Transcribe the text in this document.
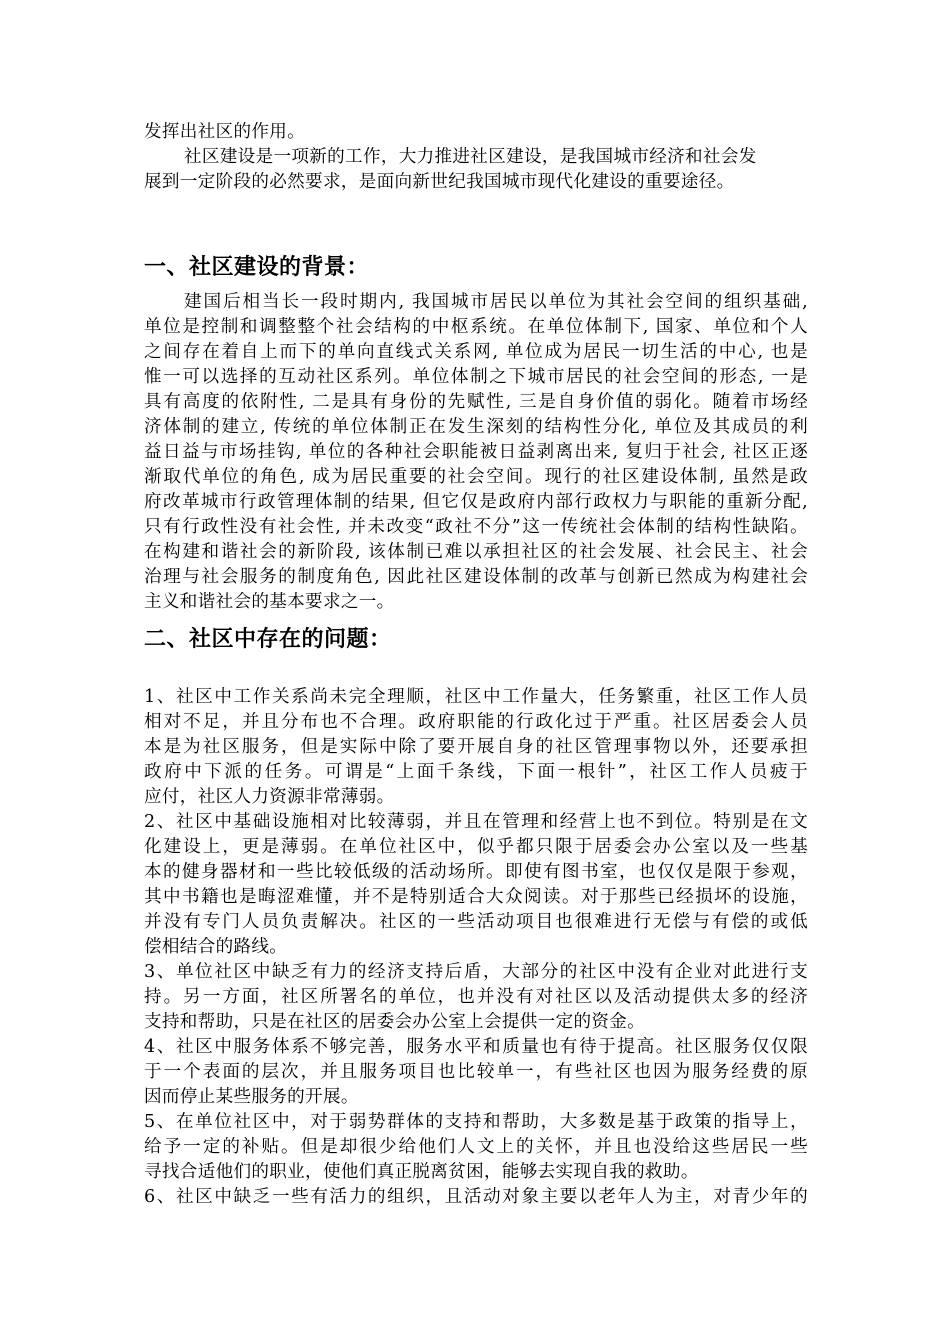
发挥出社区的作用。
社区建设是一项新的工作，大力推进社区建设，是我国城市经济和社会发
展到一定阶段的必然要求，是面向新世纪我国城市现代化建设的重要途径。
一、社区建设的背景：
建国后相当长一段时期内, 我国城市居民以单位为其社会空间的组织基础,
单位是控制和调整整个社会结构的中枢系统。在单位体制下, 国家、单位和个人
之间存在着自上而下的单向直线式关系网, 单位成为居民一切生活的中心, 也是
惟一可以选择的互动社区系列。单位体制之下城市居民的社会空间的形态, 一是
具有高度的依附性, 二是具有身份的先赋性, 三是自身价值的弱化。随着市场经
济体制的建立, 传统的单位体制正在发生深刻的结构性分化, 单位及其成员的利
益日益与市场挂钩, 单位的各种社会职能被日益剥离出来, 复归于社会, 社区正逐
渐取代单位的角色, 成为居民重要的社会空间。现行的社区建设体制, 虽然是政
府改革城市行政管理体制的结果, 但它仅是政府内部行政权力与职能的重新分配,
只有行政性没有社会性, 并未改变“政社不分”这一传统社会体制的结构性缺陷。
在构建和谐社会的新阶段, 该体制已难以承担社区的社会发展、社会民主、社会
治理与社会服务的制度角色, 因此社区建设体制的改革与创新已然成为构建社会
主义和谐社会的基本要求之一。
二、社区中存在的问题：
1、社区中工作关系尚未完全理顺，社区中工作量大，任务繁重，社区工作人员
相对不足，并且分布也不合理。政府职能的行政化过于严重。社区居委会人员
本是为社区服务，但是实际中除了要开展自身的社区管理事物以外，还要承担
政府中下派的任务。可谓是“上面千条线，下面一根针”，社区工作人员疲于
应付，社区人力资源非常薄弱。
2、社区中基础设施相对比较薄弱，并且在管理和经营上也不到位。特别是在文
化建设上，更是薄弱。在单位社区中，似乎都只限于居委会办公室以及一些基
本的健身器材和一些比较低级的活动场所。即使有图书室，也仅仅是限于参观，
其中书籍也是晦涩难懂，并不是特别适合大众阅读。对于那些已经损坏的设施，
并没有专门人员负责解决。社区的一些活动项目也很难进行无偿与有偿的或低
偿相结合的路线。
3、单位社区中缺乏有力的经济支持后盾，大部分的社区中没有企业对此进行支
持。另一方面，社区所署名的单位，也并没有对社区以及活动提供太多的经济
支持和帮助，只是在社区的居委会办公室上会提供一定的资金。
4、社区中服务体系不够完善，服务水平和质量也有待于提高。社区服务仅仅限
于一个表面的层次，并且服务项目也比较单一，有些社区也因为服务经费的原
因而停止某些服务的开展。
5、在单位社区中，对于弱势群体的支持和帮助，大多数是基于政策的指导上，
给予一定的补贴。但是却很少给他们人文上的关怀，并且也没给这些居民一些
寻找合适他们的职业，使他们真正脱离贫困，能够去实现自我的救助。
6、社区中缺乏一些有活力的组织，且活动对象主要以老年人为主，对青少年的
